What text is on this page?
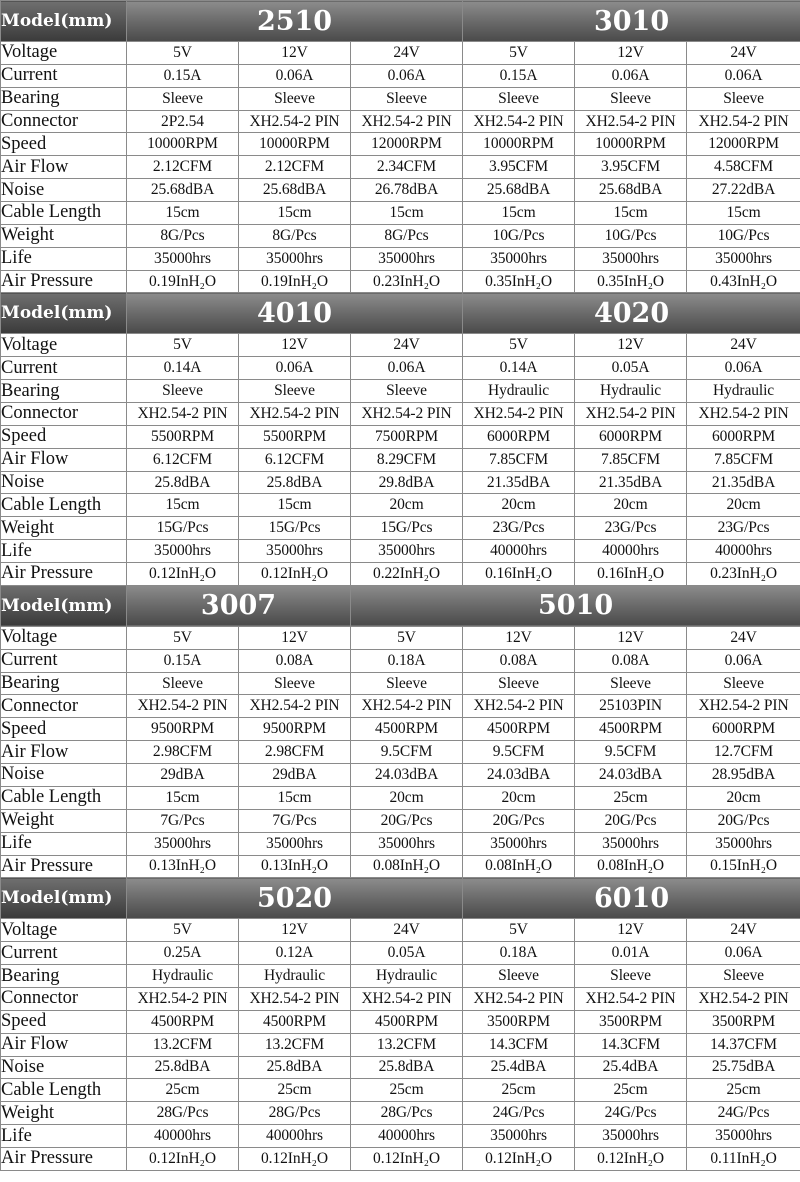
Model(mm)	2510			3010		
Voltage	5V	12V	24V	5V	12V	24V
Current	0.15A	0.06A	0.06A	0.15A	0.06A	0.06A
Bearing	Sleeve	Sleeve	Sleeve	Sleeve	Sleeve	Sleeve
Connector	2P2.54	XH2.54-2 PIN	XH2.54-2 PIN	XH2.54-2 PIN	XH2.54-2 PIN	XH2.54-2 PIN
Speed	10000RPM	10000RPM	12000RPM	10000RPM	10000RPM	12000RPM
Air Flow	2.12CFM	2.12CFM	2.34CFM	3.95CFM	3.95CFM	4.58CFM
Noise	25.68dBA	25.68dBA	26.78dBA	25.68dBA	25.68dBA	27.22dBA
Cable Length	15cm	15cm	15cm	15cm	15cm	15cm
Weight	8G/Pcs	8G/Pcs	8G/Pcs	10G/Pcs	10G/Pcs	10G/Pcs
Life	35000hrs	35000hrs	35000hrs	35000hrs	35000hrs	35000hrs
Air Pressure	0.19InH₂O	0.19InH₂O	0.23InH₂O	0.35InH₂O	0.35InH₂O	0.43InH₂O
Model(mm)	4010			4020		
Voltage	5V	12V	24V	5V	12V	24V
Current	0.14A	0.06A	0.06A	0.14A	0.05A	0.06A
Bearing	Sleeve	Sleeve	Sleeve	Hydraulic	Hydraulic	Hydraulic
Connector	XH2.54-2 PIN	XH2.54-2 PIN	XH2.54-2 PIN	XH2.54-2 PIN	XH2.54-2 PIN	XH2.54-2 PIN
Speed	5500RPM	5500RPM	7500RPM	6000RPM	6000RPM	6000RPM
Air Flow	6.12CFM	6.12CFM	8.29CFM	7.85CFM	7.85CFM	7.85CFM
Noise	25.8dBA	25.8dBA	29.8dBA	21.35dBA	21.35dBA	21.35dBA
Cable Length	15cm	15cm	20cm	20cm	20cm	20cm
Weight	15G/Pcs	15G/Pcs	15G/Pcs	23G/Pcs	23G/Pcs	23G/Pcs
Life	35000hrs	35000hrs	35000hrs	40000hrs	40000hrs	40000hrs
Air Pressure	0.12InH₂O	0.12InH₂O	0.22InH₂O	0.16InH₂O	0.16InH₂O	0.23InH₂O
Model(mm)	3007		5010			
Voltage	5V	12V	5V	12V	12V	24V
Current	0.15A	0.08A	0.18A	0.08A	0.08A	0.06A
Bearing	Sleeve	Sleeve	Sleeve	Sleeve	Sleeve	Sleeve
Connector	XH2.54-2 PIN	XH2.54-2 PIN	XH2.54-2 PIN	XH2.54-2 PIN	25103PIN	XH2.54-2 PIN
Speed	9500RPM	9500RPM	4500RPM	4500RPM	4500RPM	6000RPM
Air Flow	2.98CFM	2.98CFM	9.5CFM	9.5CFM	9.5CFM	12.7CFM
Noise	29dBA	29dBA	24.03dBA	24.03dBA	24.03dBA	28.95dBA
Cable Length	15cm	15cm	20cm	20cm	25cm	20cm
Weight	7G/Pcs	7G/Pcs	20G/Pcs	20G/Pcs	20G/Pcs	20G/Pcs
Life	35000hrs	35000hrs	35000hrs	35000hrs	35000hrs	35000hrs
Air Pressure	0.13InH₂O	0.13InH₂O	0.08InH₂O	0.08InH₂O	0.08InH₂O	0.15InH₂O
Model(mm)	5020			6010		
Voltage	5V	12V	24V	5V	12V	24V
Current	0.25A	0.12A	0.05A	0.18A	0.01A	0.06A
Bearing	Hydraulic	Hydraulic	Hydraulic	Sleeve	Sleeve	Sleeve
Connector	XH2.54-2 PIN	XH2.54-2 PIN	XH2.54-2 PIN	XH2.54-2 PIN	XH2.54-2 PIN	XH2.54-2 PIN
Speed	4500RPM	4500RPM	4500RPM	3500RPM	3500RPM	3500RPM
Air Flow	13.2CFM	13.2CFM	13.2CFM	14.3CFM	14.3CFM	14.37CFM
Noise	25.8dBA	25.8dBA	25.8dBA	25.4dBA	25.4dBA	25.75dBA
Cable Length	25cm	25cm	25cm	25cm	25cm	25cm
Weight	28G/Pcs	28G/Pcs	28G/Pcs	24G/Pcs	24G/Pcs	24G/Pcs
Life	40000hrs	40000hrs	40000hrs	35000hrs	35000hrs	35000hrs
Air Pressure	0.12InH₂O	0.12InH₂O	0.12InH₂O	0.12InH₂O	0.12InH₂O	0.11InH₂O
